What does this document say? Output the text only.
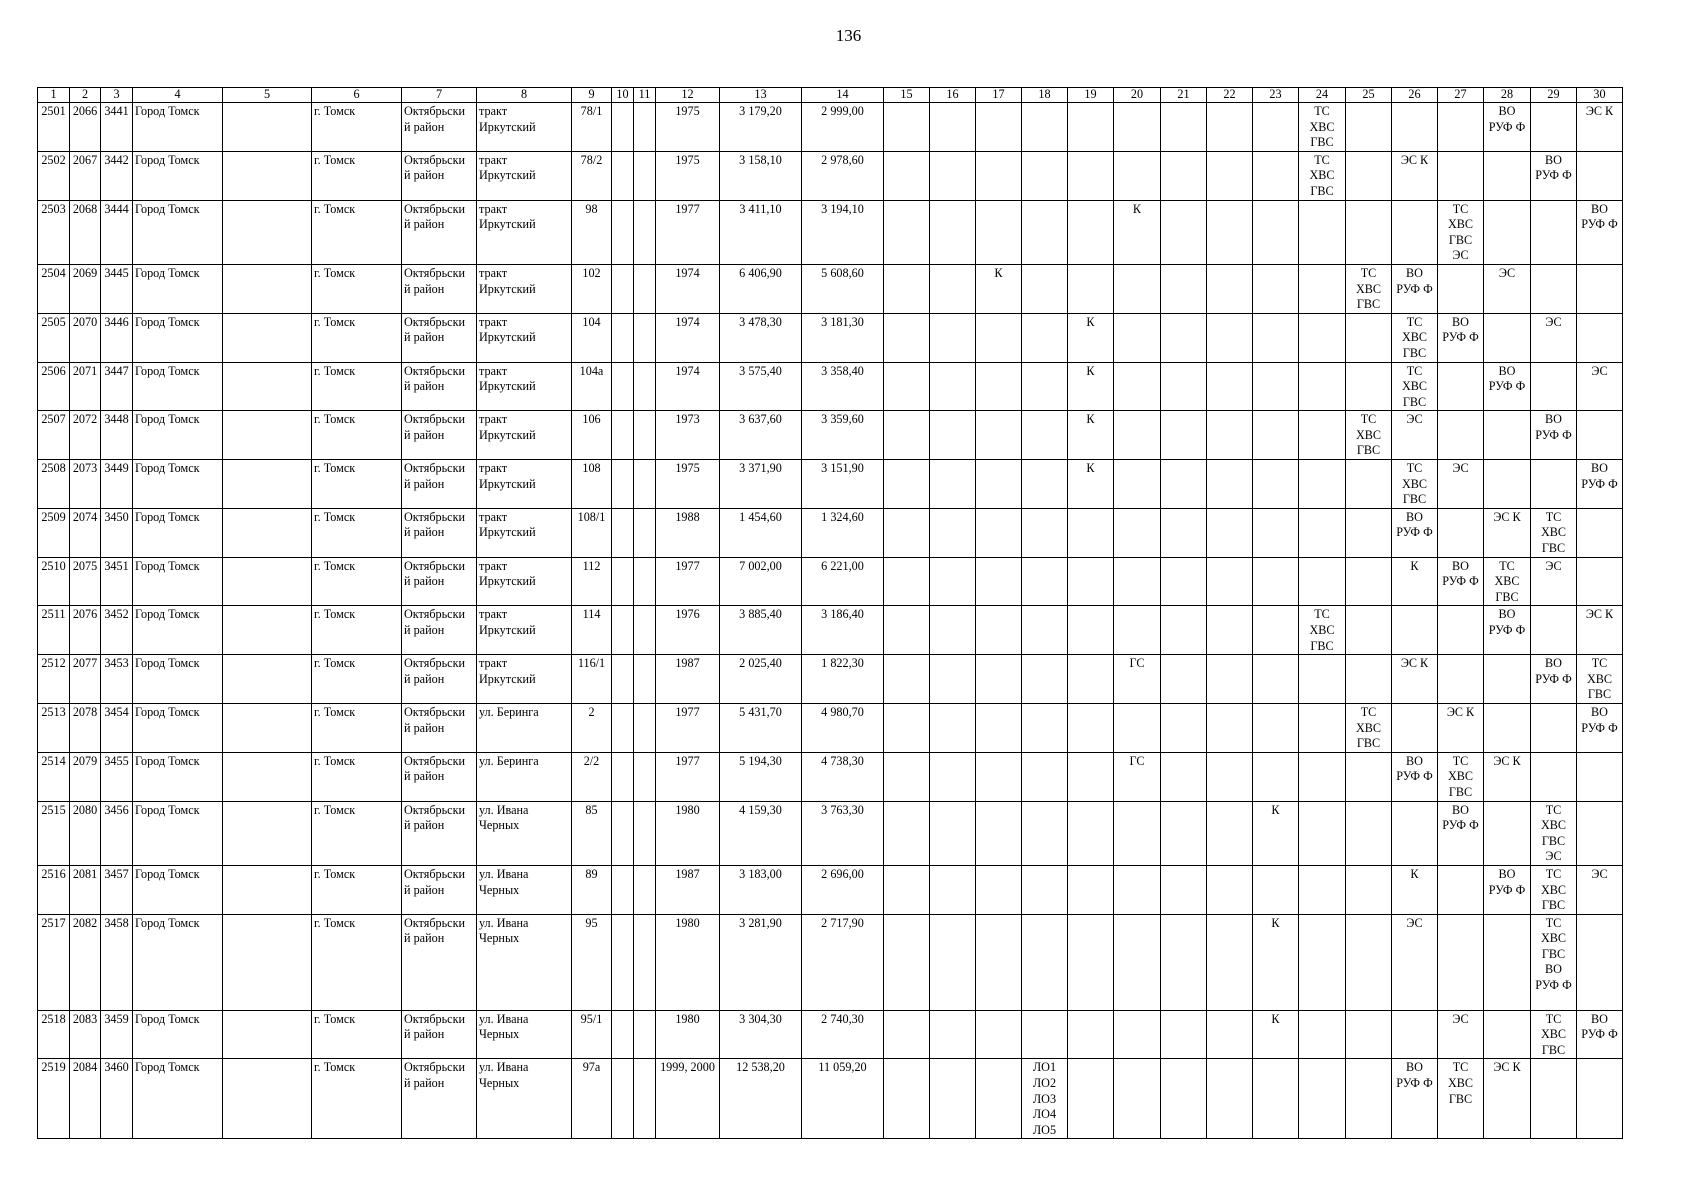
136
1	2	3	4	5	6	7	8	9	10	11	12	13	14	15	16	17	18	19	20	21	22	23	24	25	26	27	28	29	30
2501	2066	3441	Город Томск		г. Томск	Октябрьски
й район	тракт
Иркутский	78/1			1975	3 179,20	2 999,00										ТС
ХВС
ГВС				ВО
РУФ Ф		ЭС К
2502	2067	3442	Город Томск		г. Томск	Октябрьски
й район	тракт
Иркутский	78/2			1975	3 158,10	2 978,60										ТС
ХВС
ГВС		ЭС К			ВО
РУФ Ф	
2503	2068	3444	Город Томск		г. Томск	Октябрьски
й район	тракт
Иркутский	98			1977	3 411,10	3 194,10						К							ТС
ХВС
ГВС
ЭС			ВО
РУФ Ф
2504	2069	3445	Город Томск		г. Томск	Октябрьски
й район	тракт
Иркутский	102			1974	6 406,90	5 608,60			К								ТС
ХВС
ГВС	ВО
РУФ Ф		ЭС		
2505	2070	3446	Город Томск		г. Томск	Октябрьски
й район	тракт
Иркутский	104			1974	3 478,30	3 181,30					К							ТС
ХВС
ГВС	ВО
РУФ Ф		ЭС	
2506	2071	3447	Город Томск		г. Томск	Октябрьски
й район	тракт
Иркутский	104а			1974	3 575,40	3 358,40					К							ТС
ХВС
ГВС		ВО
РУФ Ф		ЭС
2507	2072	3448	Город Томск		г. Томск	Октябрьски
й район	тракт
Иркутский	106			1973	3 637,60	3 359,60					К						ТС
ХВС
ГВС	ЭС			ВО
РУФ Ф	
2508	2073	3449	Город Томск		г. Томск	Октябрьски
й район	тракт
Иркутский	108			1975	3 371,90	3 151,90					К							ТС
ХВС
ГВС	ЭС			ВО
РУФ Ф
2509	2074	3450	Город Томск		г. Томск	Октябрьски
й район	тракт
Иркутский	108/1			1988	1 454,60	1 324,60												ВО
РУФ Ф		ЭС К	ТС
ХВС
ГВС	
2510	2075	3451	Город Томск		г. Томск	Октябрьски
й район	тракт
Иркутский	112			1977	7 002,00	6 221,00												К	ВО
РУФ Ф	ТС
ХВС
ГВС	ЭС	
2511	2076	3452	Город Томск		г. Томск	Октябрьски
й район	тракт
Иркутский	114			1976	3 885,40	3 186,40										ТС
ХВС
ГВС				ВО
РУФ Ф		ЭС К
2512	2077	3453	Город Томск		г. Томск	Октябрьски
й район	тракт
Иркутский	116/1			1987	2 025,40	1 822,30						ГС						ЭС К			ВО
РУФ Ф	ТС
ХВС
ГВС
2513	2078	3454	Город Томск		г. Томск	Октябрьски
й район	ул. Беринга	2			1977	5 431,70	4 980,70											ТС
ХВС
ГВС		ЭС К			ВО
РУФ Ф
2514	2079	3455	Город Томск		г. Томск	Октябрьски
й район	ул. Беринга	2/2			1977	5 194,30	4 738,30						ГС						ВО
РУФ Ф	ТС
ХВС
ГВС	ЭС К		
2515	2080	3456	Город Томск		г. Томск	Октябрьски
й район	ул. Ивана
Черных	85			1980	4 159,30	3 763,30									К				ВО
РУФ Ф		ТС
ХВС
ГВС
ЭС	
2516	2081	3457	Город Томск		г. Томск	Октябрьски
й район	ул. Ивана
Черных	89			1987	3 183,00	2 696,00												К		ВО
РУФ Ф	ТС
ХВС
ГВС	ЭС
2517	2082	3458	Город Томск		г. Томск	Октябрьски
й район	ул. Ивана
Черных	95			1980	3 281,90	2 717,90									К			ЭС			ТС
ХВС
ГВС
ВО
РУФ Ф	
2518	2083	3459	Город Томск		г. Томск	Октябрьски
й район	ул. Ивана
Черных	95/1			1980	3 304,30	2 740,30									К				ЭС		ТС
ХВС
ГВС	ВО
РУФ Ф
2519	2084	3460	Город Томск		г. Томск	Октябрьски
й район	ул. Ивана
Черных	97а			1999, 2000	12 538,20	11 059,20				ЛО1
ЛО2
ЛО3
ЛО4
ЛО5								ВО
РУФ Ф	ТС
ХВС
ГВС	ЭС К		
